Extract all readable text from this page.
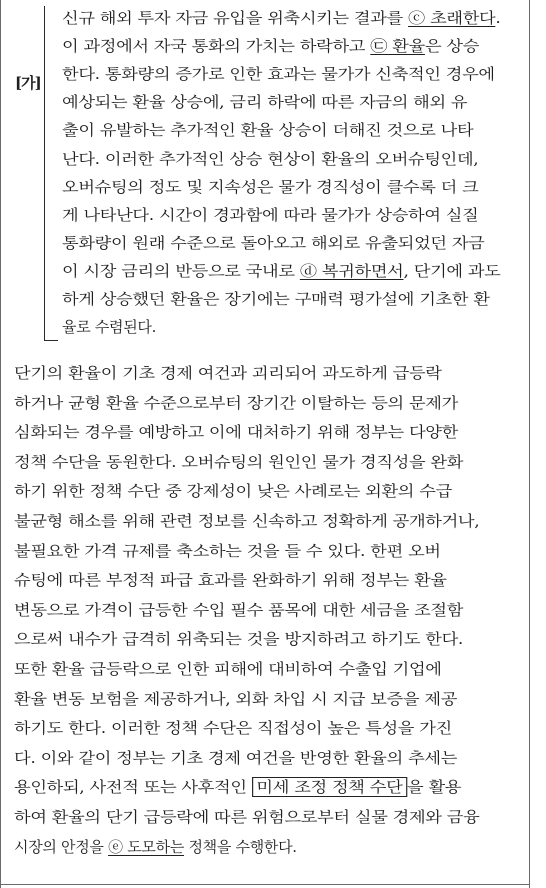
[가]
신규 해외 투자 자금 유입을 위축시키는 결과를 ⓒ 초래한다.
이 과정에서 자국 통화의 가치는 하락하고 ㉢ 환율은 상승
한다. 통화량의 증가로 인한 효과는 물가가 신축적인 경우에
예상되는 환율 상승에, 금리 하락에 따른 자금의 해외 유
출이 유발하는 추가적인 환율 상승이 더해진 것으로 나타
난다. 이러한 추가적인 상승 현상이 환율의 오버슈팅인데,
오버슈팅의 정도 및 지속성은 물가 경직성이 클수록 더 크
게 나타난다. 시간이 경과함에 따라 물가가 상승하여 실질
통화량이 원래 수준으로 돌아오고 해외로 유출되었던 자금
이 시장 금리의 반등으로 국내로 ⓓ 복귀하면서, 단기에 과도
하게 상승했던 환율은 장기에는 구매력 평가설에 기초한 환
율로 수렴된다.
단기의 환율이 기초 경제 여건과 괴리되어 과도하게 급등락
하거나 균형 환율 수준으로부터 장기간 이탈하는 등의 문제가
심화되는 경우를 예방하고 이에 대처하기 위해 정부는 다양한
정책 수단을 동원한다. 오버슈팅의 원인인 물가 경직성을 완화
하기 위한 정책 수단 중 강제성이 낮은 사례로는 외환의 수급
불균형 해소를 위해 관련 정보를 신속하고 정확하게 공개하거나,
불필요한 가격 규제를 축소하는 것을 들 수 있다. 한편 오버
슈팅에 따른 부정적 파급 효과를 완화하기 위해 정부는 환율
변동으로 가격이 급등한 수입 필수 품목에 대한 세금을 조절함
으로써 내수가 급격히 위축되는 것을 방지하려고 하기도 한다.
또한 환율 급등락으로 인한 피해에 대비하여 수출입 기업에
환율 변동 보험을 제공하거나, 외화 차입 시 지급 보증을 제공
하기도 한다. 이러한 정책 수단은 직접성이 높은 특성을 가진
다. 이와 같이 정부는 기초 경제 여건을 반영한 환율의 추세는
용인하되, 사전적 또는 사후적인 미세 조정 정책 수단 을 활용
하여 환율의 단기 급등락에 따른 위험으로부터 실물 경제와 금융
시장의 안정을 ⓔ 도모하는 정책을 수행한다.
